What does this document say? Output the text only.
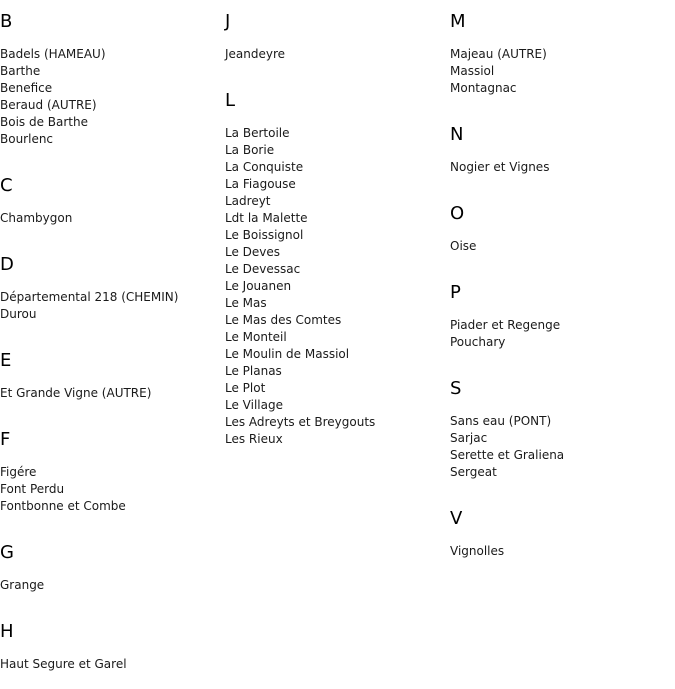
B
Badels (HAMEAU)
Barthe
Benefice
Beraud (AUTRE)
Bois de Barthe
Bourlenc
C
Chambygon
D
Départemental 218 (CHEMIN)
Durou
E
Et Grande Vigne (AUTRE)
F
Figére
Font Perdu
Fontbonne et Combe
G
Grange
H
Haut Segure et Garel
J
Jeandeyre
L
La Bertoile
La Borie
La Conquiste
La Fiagouse
Ladreyt
Ldt la Malette
Le Boissignol
Le Deves
Le Devessac
Le Jouanen
Le Mas
Le Mas des Comtes
Le Monteil
Le Moulin de Massiol
Le Planas
Le Plot
Le Village
Les Adreyts et Breygouts
Les Rieux
M
Majeau (AUTRE)
Massiol
Montagnac
N
Nogier et Vignes
O
Oise
P
Piader et Regenge
Pouchary
S
Sans eau (PONT)
Sarjac
Serette et Graliena
Sergeat
V
Vignolles
